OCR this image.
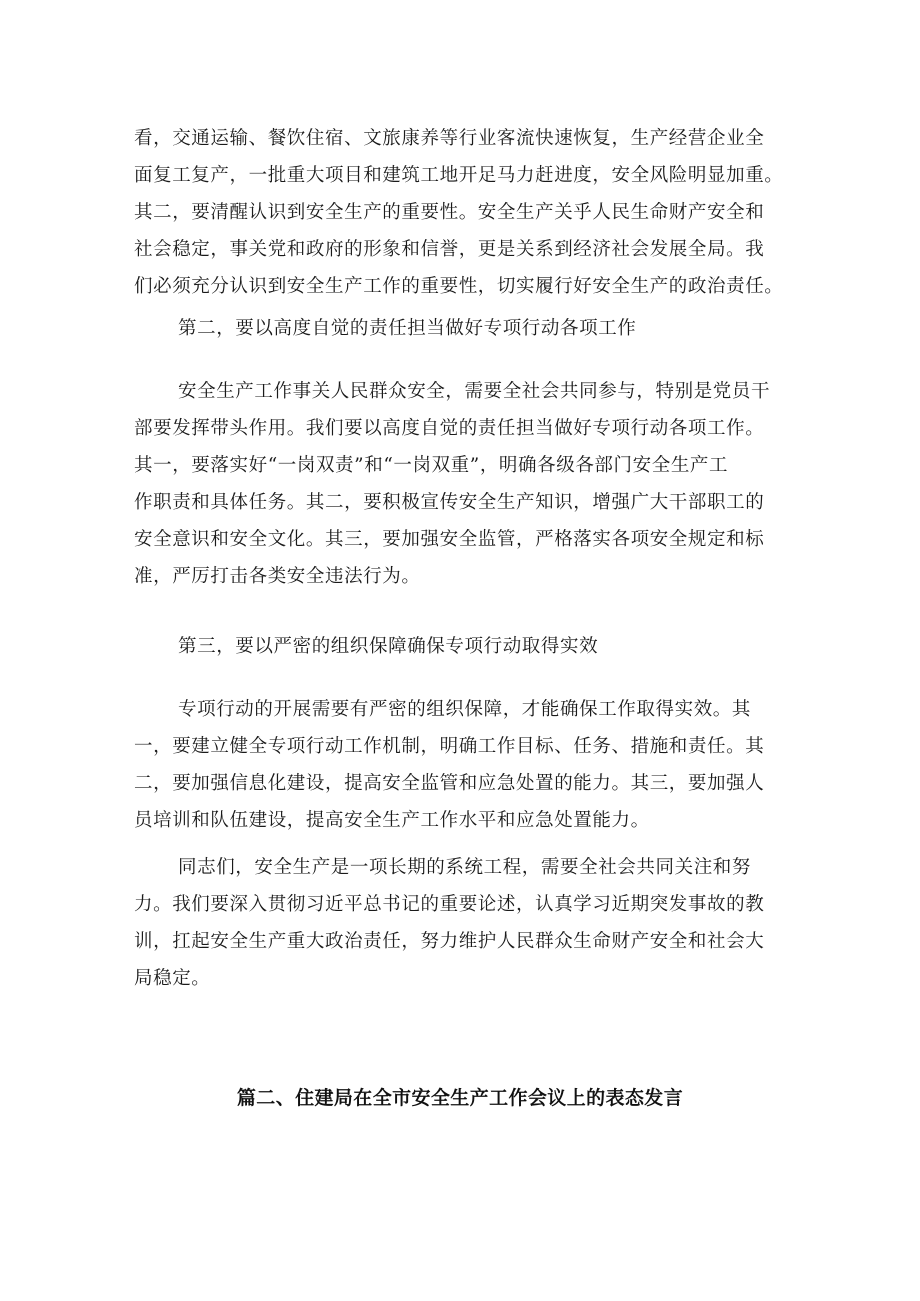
看，交通运输、餐饮住宿、文旅康养等行业客流快速恢复，生产经营企业全
面复工复产，一批重大项目和建筑工地开足马力赶进度，安全风险明显加重。
其二，要清醒认识到安全生产的重要性。安全生产关乎人民生命财产安全和
社会稳定，事关党和政府的形象和信誉，更是关系到经济社会发展全局。我
们必须充分认识到安全生产工作的重要性，切实履行好安全生产的政治责任。
第二，要以高度自觉的责任担当做好专项行动各项工作
安全生产工作事关人民群众安全，需要全社会共同参与，特别是党员干
部要发挥带头作用。我们要以高度自觉的责任担当做好专项行动各项工作。
其一，要落实好“一岗双责”和“一岗双重”，明确各级各部门安全生产工
作职责和具体任务。其二，要积极宣传安全生产知识，增强广大干部职工的
安全意识和安全文化。其三，要加强安全监管，严格落实各项安全规定和标
准，严厉打击各类安全违法行为。
第三，要以严密的组织保障确保专项行动取得实效
专项行动的开展需要有严密的组织保障，才能确保工作取得实效。其
一，要建立健全专项行动工作机制，明确工作目标、任务、措施和责任。其
二，要加强信息化建设，提高安全监管和应急处置的能力。其三，要加强人
员培训和队伍建设，提高安全生产工作水平和应急处置能力。
同志们，安全生产是一项长期的系统工程，需要全社会共同关注和努
力。我们要深入贯彻习近平总书记的重要论述，认真学习近期突发事故的教
训，扛起安全生产重大政治责任，努力维护人民群众生命财产安全和社会大
局稳定。
篇二、住建局在全市安全生产工作会议上的表态发言
